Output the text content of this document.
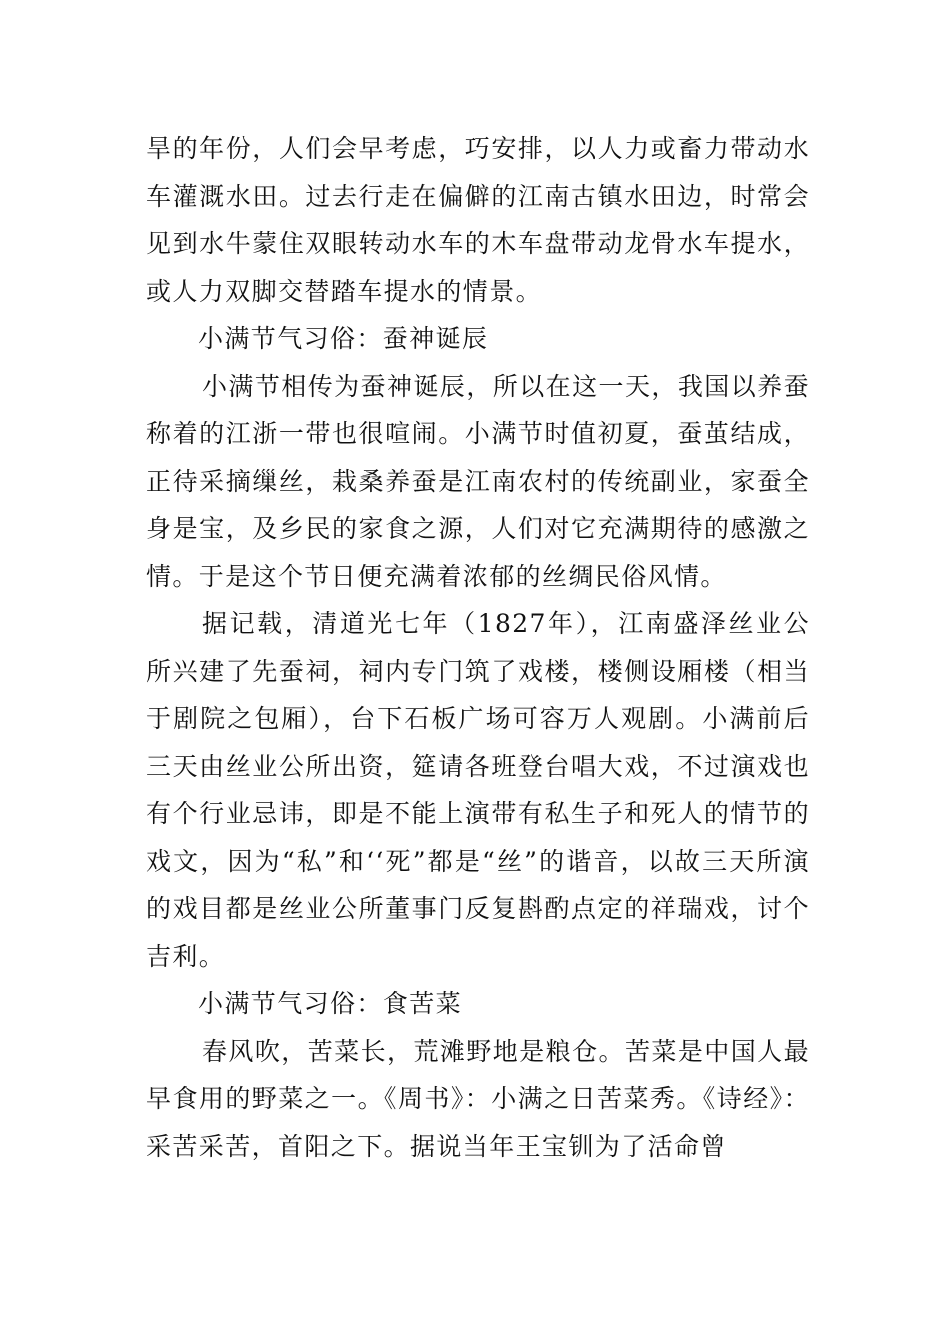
旱的年份，人们会早考虑，巧安排，以人力或畜力带动水车灌溉水田。过去行走在偏僻的江南古镇水田边，时常会见到水牛蒙住双眼转动水车的木车盘带动龙骨水车提水，或人力双脚交替踏车提水的情景。

小满节气习俗：蚕神诞辰

小满节相传为蚕神诞辰，所以在这一天，我国以养蚕称着的江浙一带也很喧闹。小满节时值初夏，蚕茧结成，正待采摘缫丝，栽桑养蚕是江南农村的传统副业，家蚕全身是宝，及乡民的家食之源，人们对它充满期待的感激之情。于是这个节日便充满着浓郁的丝绸民俗风情。

据记载，清道光七年（1827年），江南盛泽丝业公所兴建了先蚕祠，祠内专门筑了戏楼，楼侧设厢楼（相当于剧院之包厢），台下石板广场可容万人观剧。小满前后三天由丝业公所出资，筵请各班登台唱大戏，不过演戏也有个行业忌讳，即是不能上演带有私生子和死人的情节的戏文，因为“私”和‘‘死”都是“丝”的谐音，以故三天所演的戏目都是丝业公所董事门反复斟酌点定的祥瑞戏，讨个吉利。

小满节气习俗：食苦菜

春风吹，苦菜长，荒滩野地是粮仓。苦菜是中国人最早食用的野菜之一。《周书》：小满之日苦菜秀。《诗经》：采苦采苦，首阳之下。据说当年王宝钏为了活命曾
